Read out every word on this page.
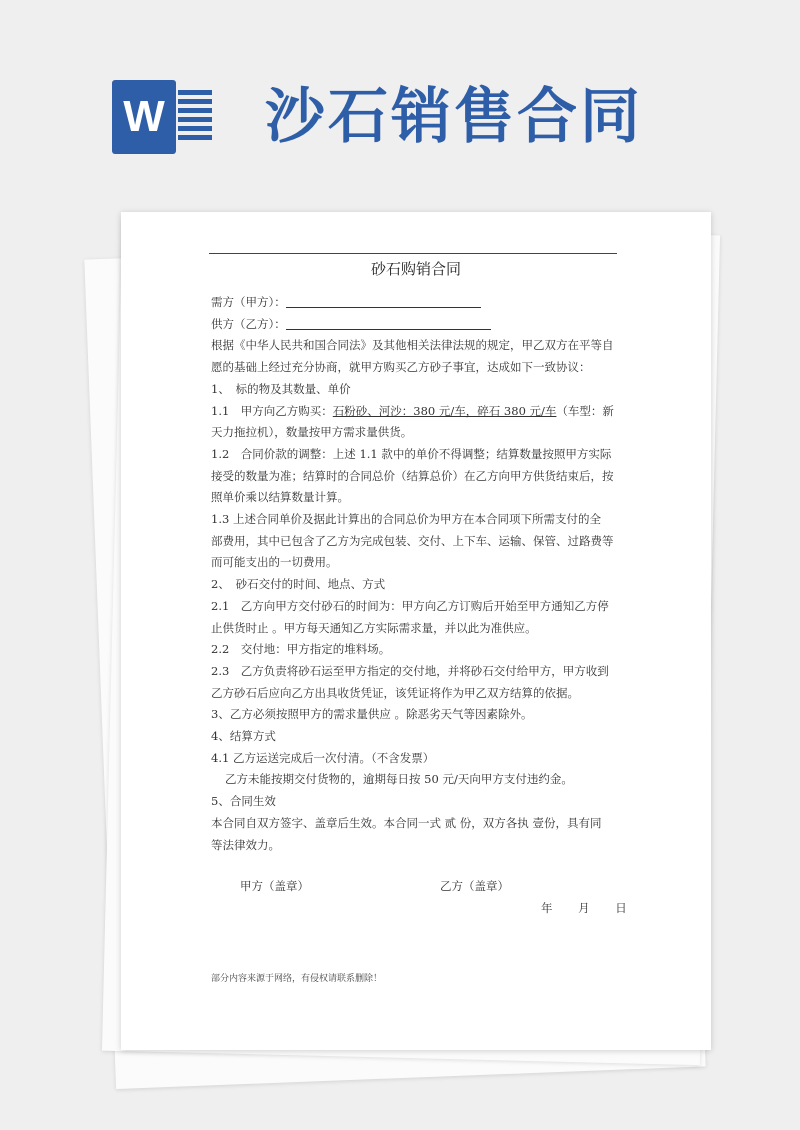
W 沙石销售合同
砂石购销合同

需方（甲方）：

供方（乙方）：

根据《中华人民共和国合同法》及其他相关法律法规的规定，甲乙双方在平等自

愿的基础上经过充分协商，就甲方购买乙方砂子事宜，达成如下一致协议：

1、　标的物及其数量、单价

1.1　甲方向乙方购买：石粉砂、河沙：380 元/车，碎石 380 元/车（车型：新

天力拖拉机），数量按甲方需求量供货。

1.2　合同价款的调整：上述 1.1 款中的单价不得调整；结算数量按照甲方实际

接受的数量为准；结算时的合同总价（结算总价）在乙方向甲方供货结束后，按

照单价乘以结算数量计算。

1.3 上述合同单价及据此计算出的合同总价为甲方在本合同项下所需支付的全

部费用，其中已包含了乙方为完成包装、交付、上下车、运输、保管、过路费等

而可能支出的一切费用。

2、　砂石交付的时间、地点、方式

2.1　乙方向甲方交付砂石的时间为：甲方向乙方订购后开始至甲方通知乙方停

止供货时止 。甲方每天通知乙方实际需求量，并以此为准供应。

2.2　交付地：甲方指定的堆料场。

2.3　乙方负责将砂石运至甲方指定的交付地，并将砂石交付给甲方，甲方收到

乙方砂石后应向乙方出具收货凭证，该凭证将作为甲乙双方结算的依据。

3、乙方必须按照甲方的需求量供应 。除恶劣天气等因素除外。

4、结算方式

4.1 乙方运送完成后一次付清。（不含发票）

乙方未能按期交付货物的，逾期每日按 50 元/天向甲方支付违约金。

5、合同生效

本合同自双方签字、盖章后生效。本合同一式 贰 份，双方各执 壹份，具有同

等法律效力。

甲方（盖章）	乙方（盖章）
年 月 日
部分内容来源于网络，有侵权请联系删除！
